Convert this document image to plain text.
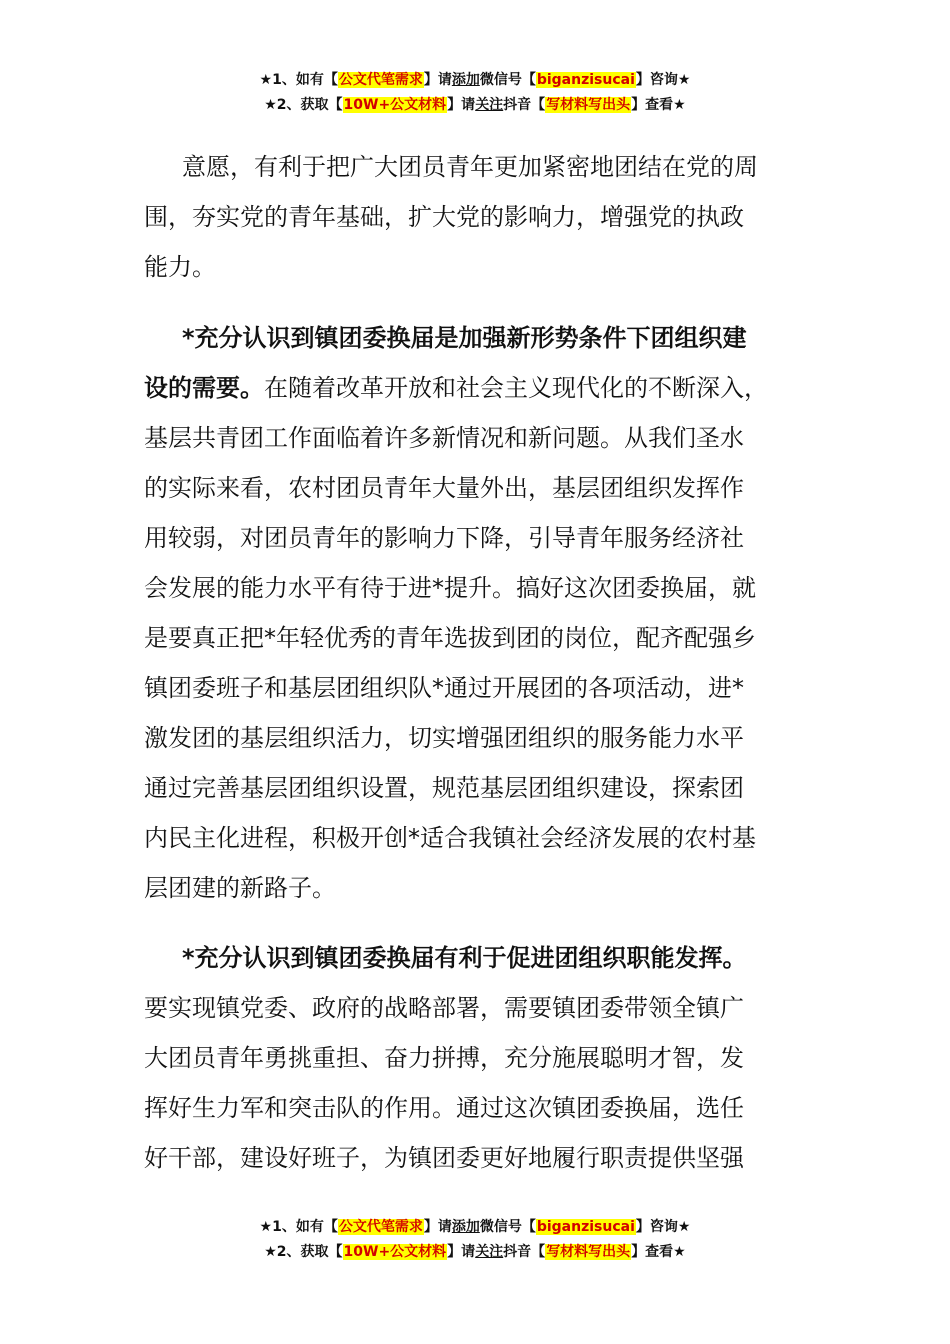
★1、如有【公文代笔需求】请添加微信号【biganzisucai】咨询★
★2、获取【10W+公文材料】请关注抖音【写材料写出头】查看★

意愿，有利于把广大团员青年更加紧密地团结在党的周
围，夯实党的青年基础，扩大党的影响力，增强党的执政
能力。

*充分认识到镇团委换届是加强新形势条件下团组织建
设的需要。在随着改革开放和社会主义现代化的不断深入，
基层共青团工作面临着许多新情况和新问题。从我们圣水
的实际来看，农村团员青年大量外出，基层团组织发挥作
用较弱，对团员青年的影响力下降，引导青年服务经济社
会发展的能力水平有待于进*提升。搞好这次团委换届，就
是要真正把*年轻优秀的青年选拔到团的岗位，配齐配强乡
镇团委班子和基层团组织队*通过开展团的各项活动，进*
激发团的基层组织活力，切实增强团组织的服务能力水平
通过完善基层团组织设置，规范基层团组织建设，探索团
内民主化进程，积极开创*适合我镇社会经济发展的农村基
层团建的新路子。

*充分认识到镇团委换届有利于促进团组织职能发挥。
要实现镇党委、政府的战略部署，需要镇团委带领全镇广
大团员青年勇挑重担、奋力拼搏，充分施展聪明才智，发
挥好生力军和突击队的作用。通过这次镇团委换届，选任
好干部，建设好班子，为镇团委更好地履行职责提供坚强

★1、如有【公文代笔需求】请添加微信号【biganzisucai】咨询★
★2、获取【10W+公文材料】请关注抖音【写材料写出头】查看★
